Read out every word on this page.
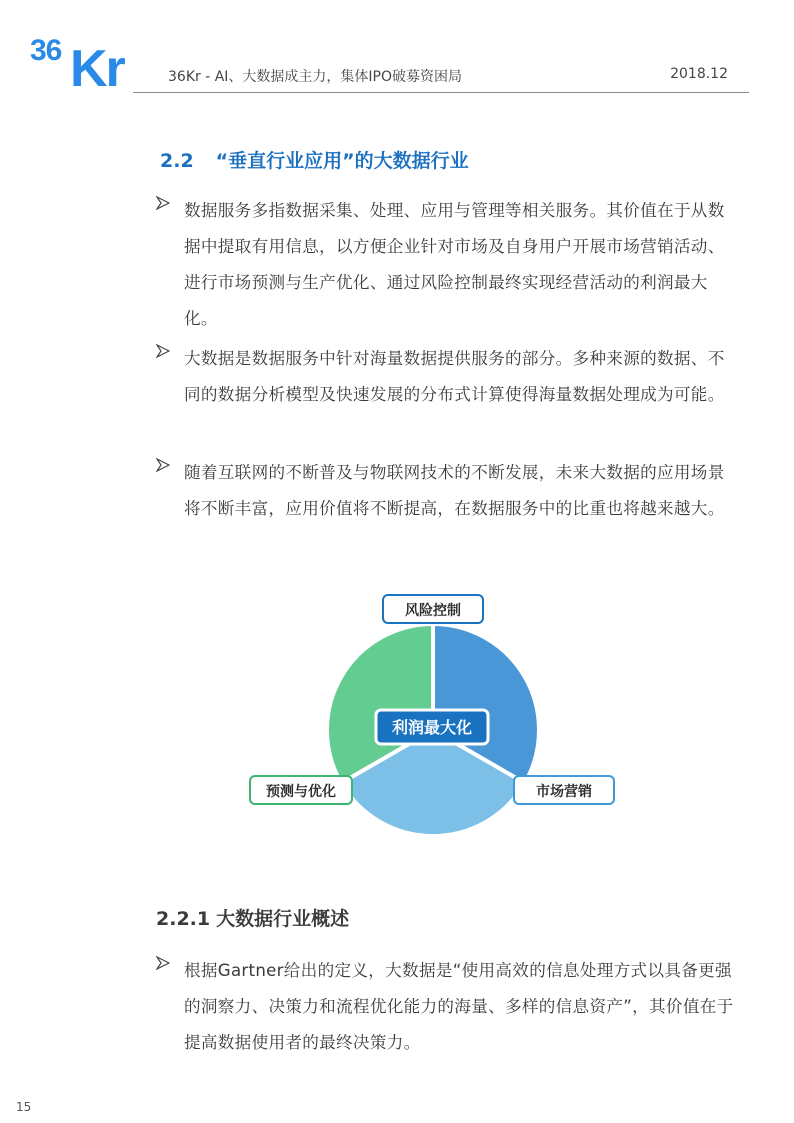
36 Kr	36Kr - AI、大数据成主力，集体IPO破募资困局	2018.12
2.2 “垂直行业应用”的大数据行业
数据服务多指数据采集、处理、应用与管理等相关服务。其价值在于从数据中提取有用信息，以方便企业针对市场及自身用户开展市场营销活动、进行市场预测与生产优化、通过风险控制最终实现经营活动的利润最大化。
大数据是数据服务中针对海量数据提供服务的部分。多种来源的数据、不同的数据分析模型及快速发展的分布式计算使得海量数据处理成为可能。
随着互联网的不断普及与物联网技术的不断发展，未来大数据的应用场景将不断丰富，应用价值将不断提高，在数据服务中的比重也将越来越大。
利润最大化
风险控制
市场营销
预测与优化
2.2.1 大数据行业概述
根据Gartner给出的定义，大数据是“使用高效的信息处理方式以具备更强的洞察力、决策力和流程优化能力的海量、多样的信息资产”，其价值在于提高数据使用者的最终决策力。
15
